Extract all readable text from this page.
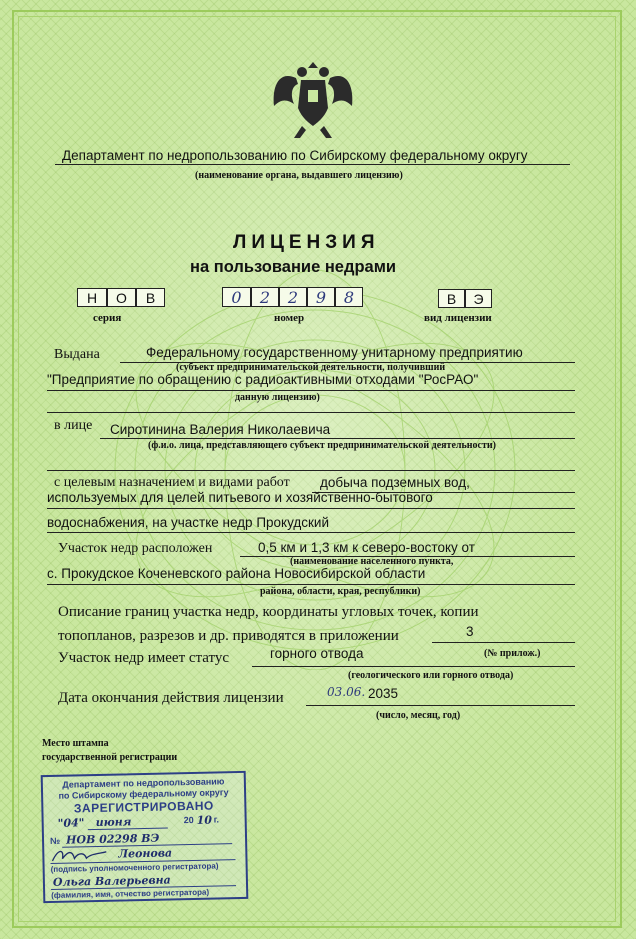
Департамент по недропользованию по Сибирскому федеральному округу
(наименование органа, выдавшего лицензию)
ЛИЦЕНЗИЯ
на пользование недрами
Н	О	В
серия
0	2	2	9	8
номер
В	Э
вид лицензии
Выдана	Федеральному государственному унитарному предприятию
(субъект предпринимательской деятельности, получивший
"Предприятие по обращению с радиоактивными отходами "РосРАО"
данную лицензию)
в лице Сиротинина Валерия Николаевича
(ф.и.о. лица, представляющего субъект предпринимательской деятельности)
с целевым назначением и видами работ добыча подземных вод,
используемых для целей питьевого и хозяйственно-бытового
водоснабжения, на участке недр Прокудский
Участок недр расположен	0,5 км и 1,3 км к северо-востоку от
(наименование населенного пункта,
с. Прокудское Коченевского района Новосибирской области
района, области, края, республики)
Описание границ участка недр, координаты угловых точек, копии
топопланов, разрезов и др. приводятся в приложении	3
(№ прилож.)
Участок недр имеет статус	горного отвода
(геологического или горного отвода)
Дата окончания действия лицензии	03.06. 2035
(число, месяц, год)
Место штампа
государственной регистрации
Департамент по недропользованию
по Сибирскому федеральному округу
ЗАРЕГИСТРИРОВАНО
"04" июня	20 10 г.
№ НОВ 02298 ВЭ
Леонова
(подпись уполномоченного регистратора)
Ольга Валерьевна
(фамилия, имя, отчество регистратора)
